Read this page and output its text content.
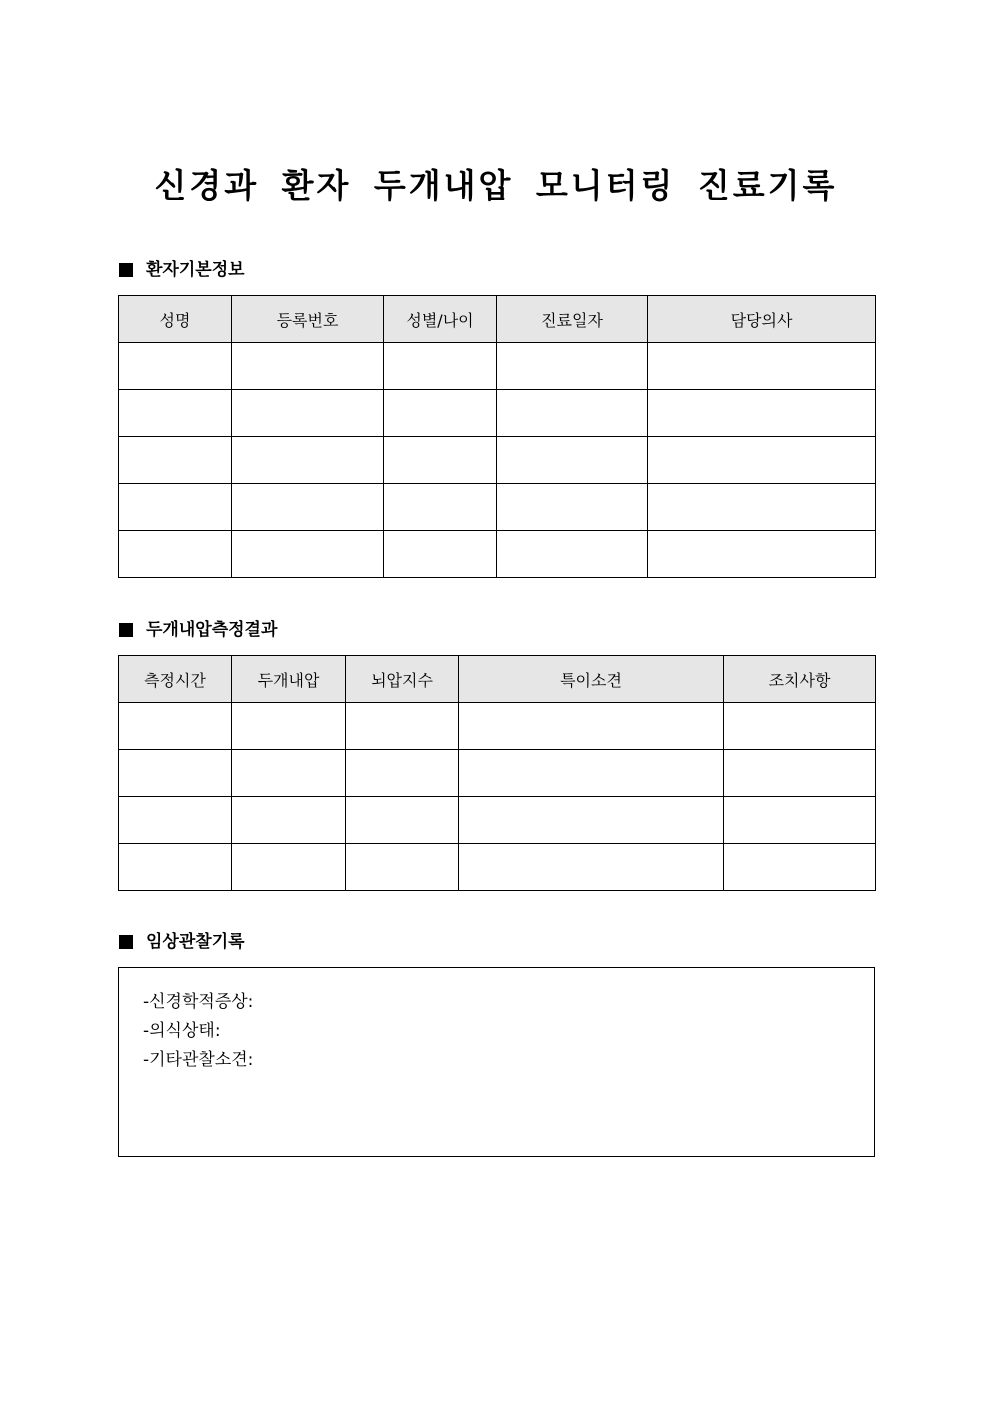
신경과 환자 두개내압 모니터링 진료기록
환자기본정보
성명	등록번호	성별/나이	진료일자	담당의사

두개내압측정결과
측정시간	두개내압	뇌압지수	특이소견	조치사항

임상관찰기록
-신경학적증상:
-의식상태:
-기타관찰소견:
